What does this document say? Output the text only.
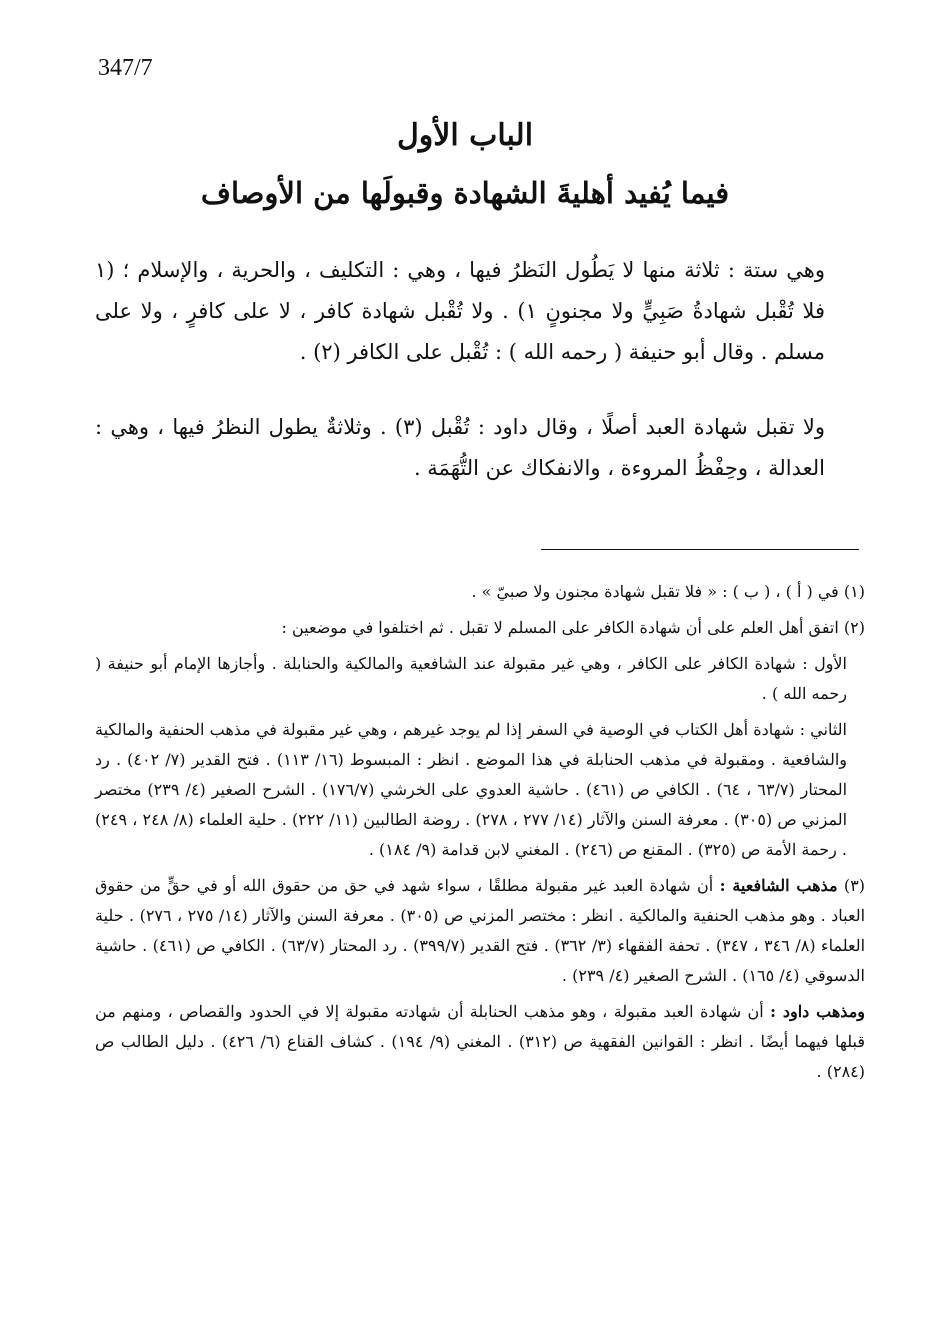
347/7
الباب الأول
فيما يُفيد أهليةَ الشهادة وقبولَها من الأوصاف
وهي ستة : ثلاثة منها لا يَطُول النَظرُ فيها ، وهي : التكليف ، والحرية ، والإسلام ؛ (١ فلا تُقْبل شهادةُ صَبِيٍّ ولا مجنونٍ ١) . ولا تُقْبل شهادة كافر ، لا على كافرٍ ، ولا على مسلم . وقال أبو حنيفة ( رحمه الله ) : تُقْبل على الكافر (٢) .
ولا تقبل شهادة العبد أصلًا ، وقال داود : تُقْبل (٣) . وثلاثةٌ يطول النظرُ فيها ، وهي : العدالة ، وحِفْظُ المروءة ، والانفكاك عن التُّهَمَة .

(١) في ( أ ) ، ( ب ) : « فلا تقبل شهادة مجنون ولا صبيّ » .

(٢) اتفق أهل العلم على أن شهادة الكافر على المسلم لا تقبل . ثم اختلفوا في موضعين :

الأول : شهادة الكافر على الكافر ، وهي غير مقبولة عند الشافعية والمالكية والحنابلة . وأجازها الإمام أبو حنيفة ( رحمه الله ) .

الثاني : شهادة أهل الكتاب في الوصية في السفر إذا لم يوجد غيرهم ، وهي غير مقبولة في مذهب الحنفية والمالكية والشافعية . ومقبولة في مذهب الحنابلة في هذا الموضع . انظر : المبسوط (١٦/ ١١٣) . فتح القدير (٧/ ٤٠٢) . رد المحتار (٦٣/٧ ، ٦٤) . الكافي ص (٤٦١) . حاشية العدوي على الخرشي (١٧٦/٧) . الشرح الصغير (٤/ ٢٣٩) مختصر المزني ص (٣٠٥) . معرفة السنن والآثار (١٤/ ٢٧٧ ، ٢٧٨) . روضة الطالبين (١١/ ٢٢٢) . حلية العلماء (٨/ ٢٤٨ ، ٢٤٩) . رحمة الأمة ص (٣٢٥) . المقنع ص (٢٤٦) . المغني لابن قدامة (٩/ ١٨٤) .

(٣) مذهب الشافعية : أن شهادة العبد غير مقبولة مطلقًا ، سواء شهد في حق من حقوق الله أو في حقٍّ من حقوق العباد . وهو مذهب الحنفية والمالكية . انظر : مختصر المزني ص (٣٠٥) . معرفة السنن والآثار (١٤/ ٢٧٥ ، ٢٧٦) . حلية العلماء (٨/ ٣٤٦ ، ٣٤٧) . تحفة الفقهاء (٣/ ٣٦٢) . فتح القدير (٣٩٩/٧) . رد المحتار (٦٣/٧) . الكافي ص (٤٦١) . حاشية الدسوقي (٤/ ١٦٥) . الشرح الصغير (٤/ ٢٣٩) .

ومذهب داود : أن شهادة العبد مقبولة ، وهو مذهب الحنابلة أن شهادته مقبولة إلا في الحدود والقصاص ، ومنهم من قبلها فيهما أيضًا . انظر : القوانين الفقهية ص (٣١٢) . المغني (٩/ ١٩٤) . كشاف القناع (٦/ ٤٢٦) . دليل الطالب ص (٢٨٤) .
